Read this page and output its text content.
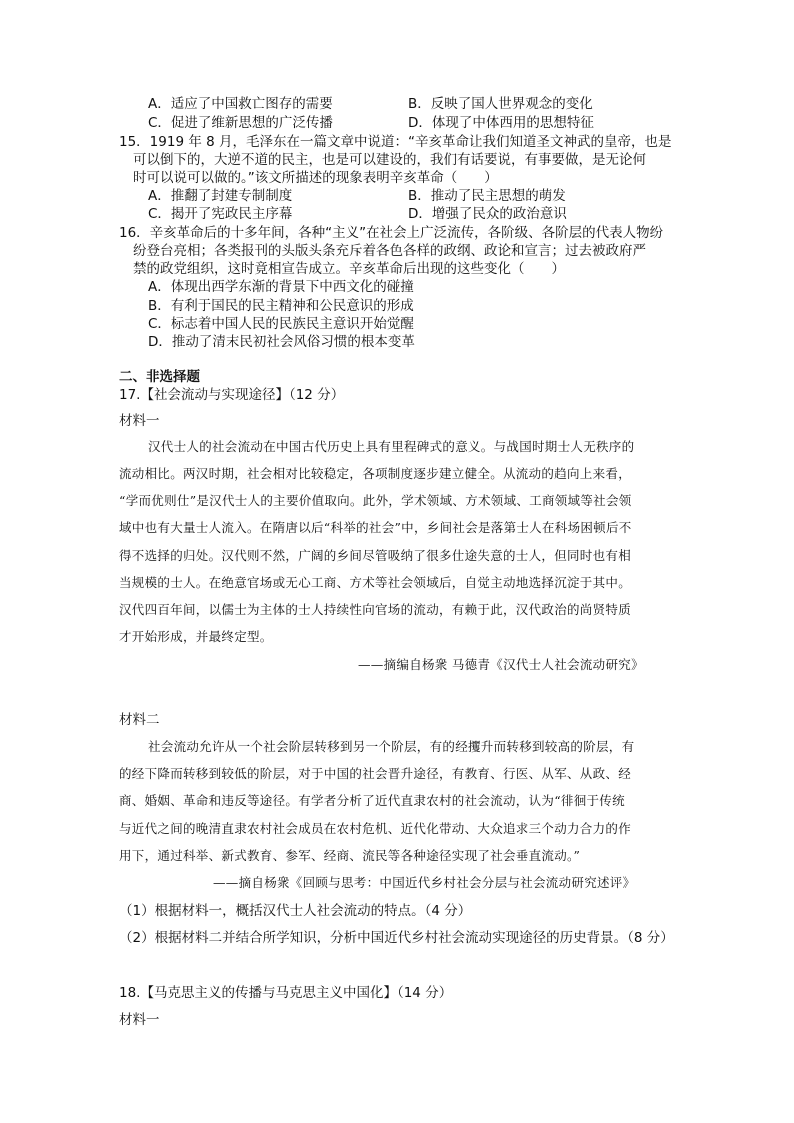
A．适应了中国救亡图存的需要	B．反映了国人世界观念的变化
C．促进了维新思想的广泛传播	D．体现了中体西用的思想特征
15．1919 年 8 月，毛泽东在一篇文章中说道：“辛亥革命让我们知道圣文神武的皇帝，也是
可以倒下的，大逆不道的民主，也是可以建设的，我们有话要说，有事要做，是无论何
时可以说可以做的。”该文所描述的现象表明辛亥革命（　　）
A．推翻了封建专制制度	B．推动了民主思想的萌发
C．揭开了宪政民主序幕	D．增强了民众的政治意识
16．辛亥革命后的十多年间，各种“主义”在社会上广泛流传，各阶级、各阶层的代表人物纷
纷登台亮相；各类报刊的头版头条充斥着各色各样的政纲、政论和宣言；过去被政府严
禁的政党组织，这时竟相宣告成立。辛亥革命后出现的这些变化（　　）
A．体现出西学东渐的背景下中西文化的碰撞
B．有利于国民的民主精神和公民意识的形成
C．标志着中国人民的民族民主意识开始觉醒
D．推动了清末民初社会风俗习惯的根本变革
二、非选择题
17.【社会流动与实现途径】（12 分）
材料一
汉代士人的社会流动在中国古代历史上具有里程碑式的意义。与战国时期士人无秩序的
流动相比。两汉时期，社会相对比较稳定，各项制度逐步建立健全。从流动的趋向上来看，
“学而优则仕”是汉代士人的主要价值取向。此外，学术领域、方术领域、工商领域等社会领
域中也有大量士人流入。在隋唐以后“科举的社会”中，乡间社会是落第士人在科场困顿后不
得不选择的归处。汉代则不然，广阔的乡间尽管吸纳了很多仕途失意的士人，但同时也有相
当规模的士人。在绝意官场或无心工商、方术等社会领域后，自觉主动地选择沉淀于其中。
汉代四百年间，以儒士为主体的士人持续性向官场的流动，有赖于此，汉代政治的尚贤特质
才开始形成，并最终定型。
——摘编自杨衆 马德青《汉代士人社会流动研究》
材料二
社会流动允许从一个社会阶层转移到另一个阶层，有的经攫升而转移到较高的阶层，有
的经下降而转移到较低的阶层，对于中国的社会晋升途径，有教育、行医、从军、从政、经
商、婚姻、革命和违反等途径。有学者分析了近代直隶农村的社会流动，认为“徘徊于传统
与近代之间的晚清直隶农村社会成员在农村危机、近代化带动、大众追求三个动力合力的作
用下，通过科举、新式教育、参军、经商、流民等各种途径实现了社会垂直流动。”
——摘自杨衆《回顾与思考：中国近代乡村社会分层与社会流动研究述评》
（1）根据材料一，概括汉代士人社会流动的特点。（4 分）
（2）根据材料二并结合所学知识，分析中国近代乡村社会流动实现途径的历史背景。（8 分）
18.【马克思主义的传播与马克思主义中国化】（14 分）
材料一
